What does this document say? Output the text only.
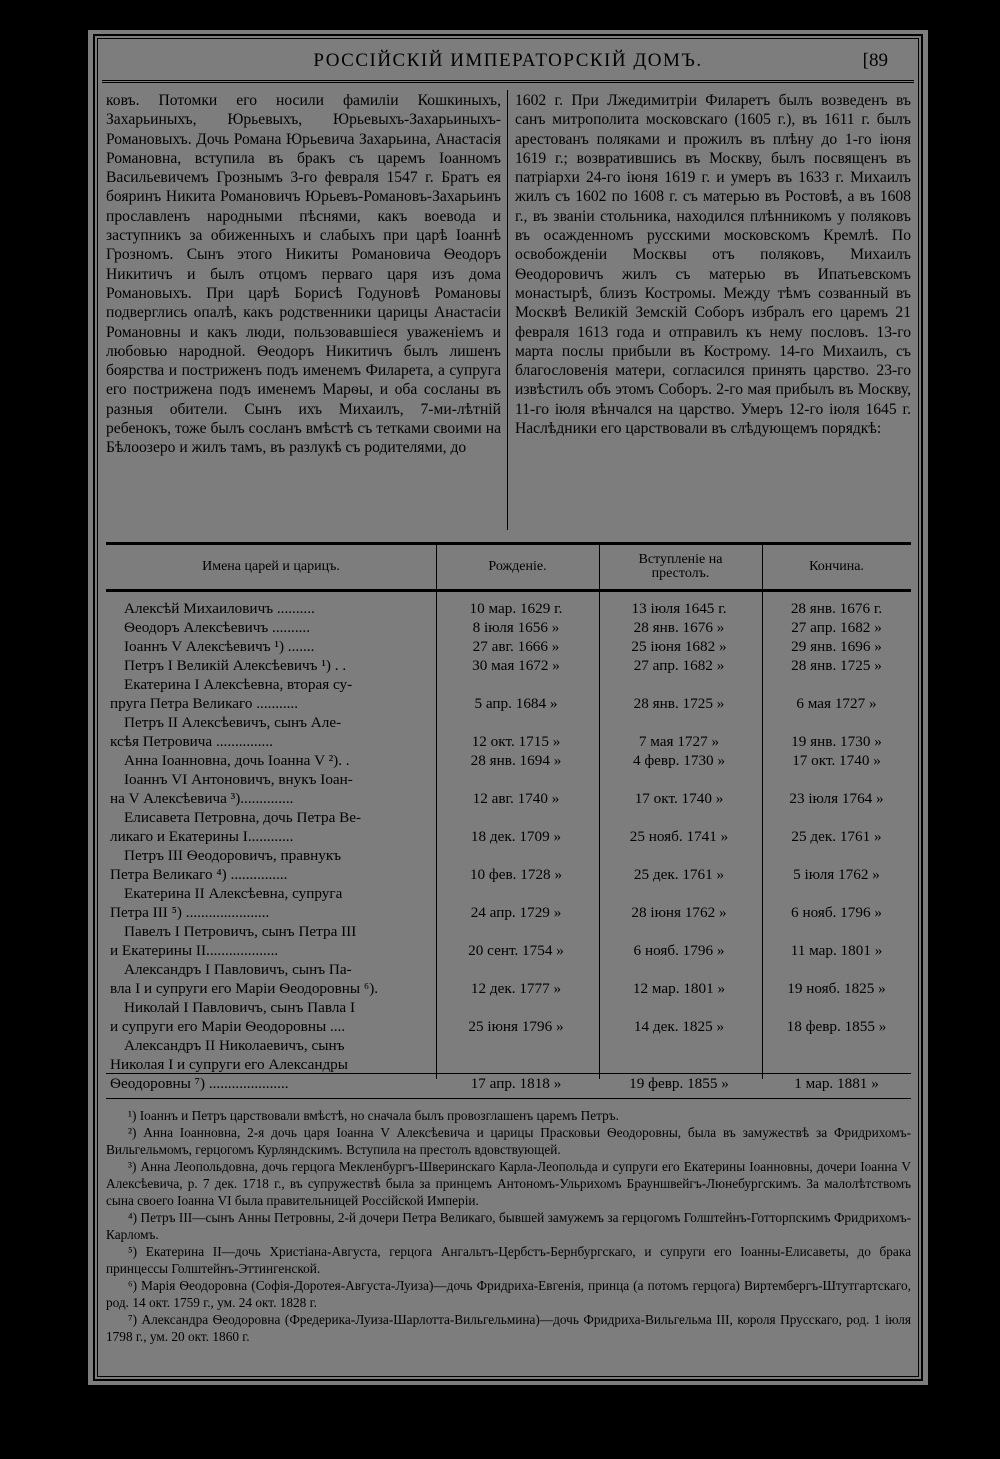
РОССІЙСКІЙ ИМПЕРАТОРСКІЙ ДОМЪ.	[89

ковъ. Потомки его носили фамиліи Кошкиныхъ, Захарьиныхъ, Юрьевыхъ, Юрьевыхъ-Захарьиныхъ-Романовыхъ. Дочь Романа Юрьевича Захарьина, Анастасія Романовна, вступила въ бракъ съ царемъ Іоанномъ Васильевичемъ Грознымъ 3-го февраля 1547 г. Братъ ея бояринъ Никита Романовичъ Юрьевъ-Романовъ-Захарьинъ прославленъ народными пѣснями, какъ воевода и заступникъ за обиженныхъ и слабыхъ при царѣ Іоаннѣ Грозномъ. Сынъ этого Никиты Романовича Ѳеодоръ Никитичъ и былъ отцомъ перваго царя изъ дома Романовыхъ. При царѣ Борисѣ Годуновѣ Романовы подверглись опалѣ, какъ родственники царицы Анастасіи Романовны и какъ люди, пользовавшіеся уваженіемъ и любовью народной. Ѳеодоръ Никитичъ былъ лишенъ боярства и постриженъ подъ именемъ Филарета, а супруга его пострижена подъ именемъ Марѳы, и оба сосланы въ разныя обители. Сынъ ихъ Михаилъ, 7-ми-лѣтній ребенокъ, тоже былъ сосланъ вмѣстѣ съ тетками своими на Бѣлоозеро и жилъ тамъ, въ разлукѣ съ родителями, до

1602 г. При Лжедимитріи Филаретъ былъ возведенъ въ санъ митрополита московскаго (1605 г.), въ 1611 г. былъ арестованъ поляками и прожилъ въ плѣну до 1-го іюня 1619 г.; возвратившись въ Москву, былъ посвященъ въ патріархи 24-го іюня 1619 г. и умеръ въ 1633 г. Михаилъ жилъ съ 1602 по 1608 г. съ матерью въ Ростовѣ, а въ 1608 г., въ званіи стольника, находился плѣнникомъ у поляковъ въ осажденномъ русскими московскомъ Кремлѣ. По освобожденіи Москвы отъ поляковъ, Михаилъ Ѳеодоровичъ жилъ съ матерью въ Ипатьевскомъ монастырѣ, близъ Костромы. Между тѣмъ созванный въ Москвѣ Великій Земскій Соборъ избралъ его царемъ 21 февраля 1613 года и отправилъ къ нему пословъ. 13-го марта послы прибыли въ Кострому. 14-го Михаилъ, съ благословенія матери, согласился принять царство. 23-го извѣстилъ объ этомъ Соборъ. 2-го мая прибылъ въ Москву, 11-го іюля вѣнчался на царство. Умеръ 12-го іюля 1645 г. Наслѣдники его царствовали въ слѣдующемъ порядкѣ:

Имена царей и царицъ.	Рожденіе.	Вступленіе на престолъ.	Кончина.
Алексѣй Михаиловичъ ..........	10 мар. 1629 г.	13 іюля 1645 г.	28 янв. 1676 г.
Ѳеодоръ Алексѣевичъ ..........	8 іюля 1656 »	28 янв. 1676 »	27 апр. 1682 »
Іоаннъ V Алексѣевичъ ¹) .......	27 авг. 1666 »	25 іюня 1682 »	29 янв. 1696 »
Петръ I Великій Алексѣевичъ ¹) . .	30 мая 1672 »	27 апр. 1682 »	28 янв. 1725 »
Екатерина I Алексѣевна, вторая су-
пруга Петра Великаго ...........	5 апр. 1684 »	28 янв. 1725 »	6 мая 1727 »
Петръ II Алексѣевичъ, сынъ Але-
ксѣя Петровича ...............	12 окт. 1715 »	7 мая 1727 »	19 янв. 1730 »
Анна Іоанновна, дочь Іоанна V ²). .	28 янв. 1694 »	4 февр. 1730 »	17 окт. 1740 »
Іоаннъ VI Антоновичъ, внукъ Іоан-
на V Алексѣевича ³)..............	12 авг. 1740 »	17 окт. 1740 »	23 іюля 1764 »
Елисавета Петровна, дочь Петра Ве-
ликаго и Екатерины I............	18 дек. 1709 »	25 нояб. 1741 »	25 дек. 1761 »
Петръ III Ѳеодоровичъ, правнукъ
Петра Великаго ⁴) ...............	10 фев. 1728 »	25 дек. 1761 »	5 іюля 1762 »
Екатерина II Алексѣевна, супруга
Петра III ⁵) ......................	24 апр. 1729 »	28 іюня 1762 »	6 нояб. 1796 »
Павелъ I Петровичъ, сынъ Петра III
и Екатерины II...................	20 сент. 1754 »	6 нояб. 1796 »	11 мар. 1801 »
Александръ I Павловичъ, сынъ Па-
вла I и супруги его Маріи Ѳеодоровны ⁶).	12 дек. 1777 »	12 мар. 1801 »	19 нояб. 1825 »
Николай I Павловичъ, сынъ Павла I
и супруги его Маріи Ѳеодоровны ....	25 іюня 1796 »	14 дек. 1825 »	18 февр. 1855 »
Александръ II Николаевичъ, сынъ
Николая I и супруги его Александры
Ѳеодоровны ⁷) .....................	17 апр. 1818 »	19 февр. 1855 »	1 мар. 1881 »

¹) Іоаннъ и Петръ царствовали вмѣстѣ, но сначала былъ провозглашенъ царемъ Петръ.

²) Анна Іоанновна, 2-я дочь царя Іоанна V Алексѣевича и царицы Прасковьи Ѳеодоровны, была въ замужествѣ за Фридрихомъ-Вильгельмомъ, герцогомъ Курляндскимъ. Вступила на престолъ вдовствующей.

³) Анна Леопольдовна, дочь герцога Мекленбургъ-Шверинскаго Карла-Леопольда и супруги его Екатерины Іоанновны, дочери Іоанна V Алексѣевича, р. 7 дек. 1718 г., въ супружествѣ была за принцемъ Антономъ-Ульрихомъ Брауншвейгъ-Люнебургскимъ. За малолѣтствомъ сына своего Іоанна VI была правительницей Россійской Имперіи.

⁴) Петръ III—сынъ Анны Петровны, 2-й дочери Петра Великаго, бывшей замужемъ за герцогомъ Голштейнъ-Готторпскимъ Фридрихомъ-Карломъ.

⁵) Екатерина II—дочь Христіана-Августа, герцога Ангальтъ-Цербстъ-Бернбургскаго, и супруги его Іоанны-Елисаветы, до брака принцессы Голштейнъ-Эттингенской.

⁶) Марія Ѳеодоровна (Софія-Доротея-Августа-Луиза)—дочь Фридриха-Евгенія, принца (а потомъ герцога) Виртембергъ-Штутгартскаго, род. 14 окт. 1759 г., ум. 24 окт. 1828 г.

⁷) Александра Ѳеодоровна (Фредерика-Луиза-Шарлотта-Вильгельмина)—дочь Фридриха-Вильгельма III, короля Прусскаго, род. 1 іюля 1798 г., ум. 20 окт. 1860 г.
